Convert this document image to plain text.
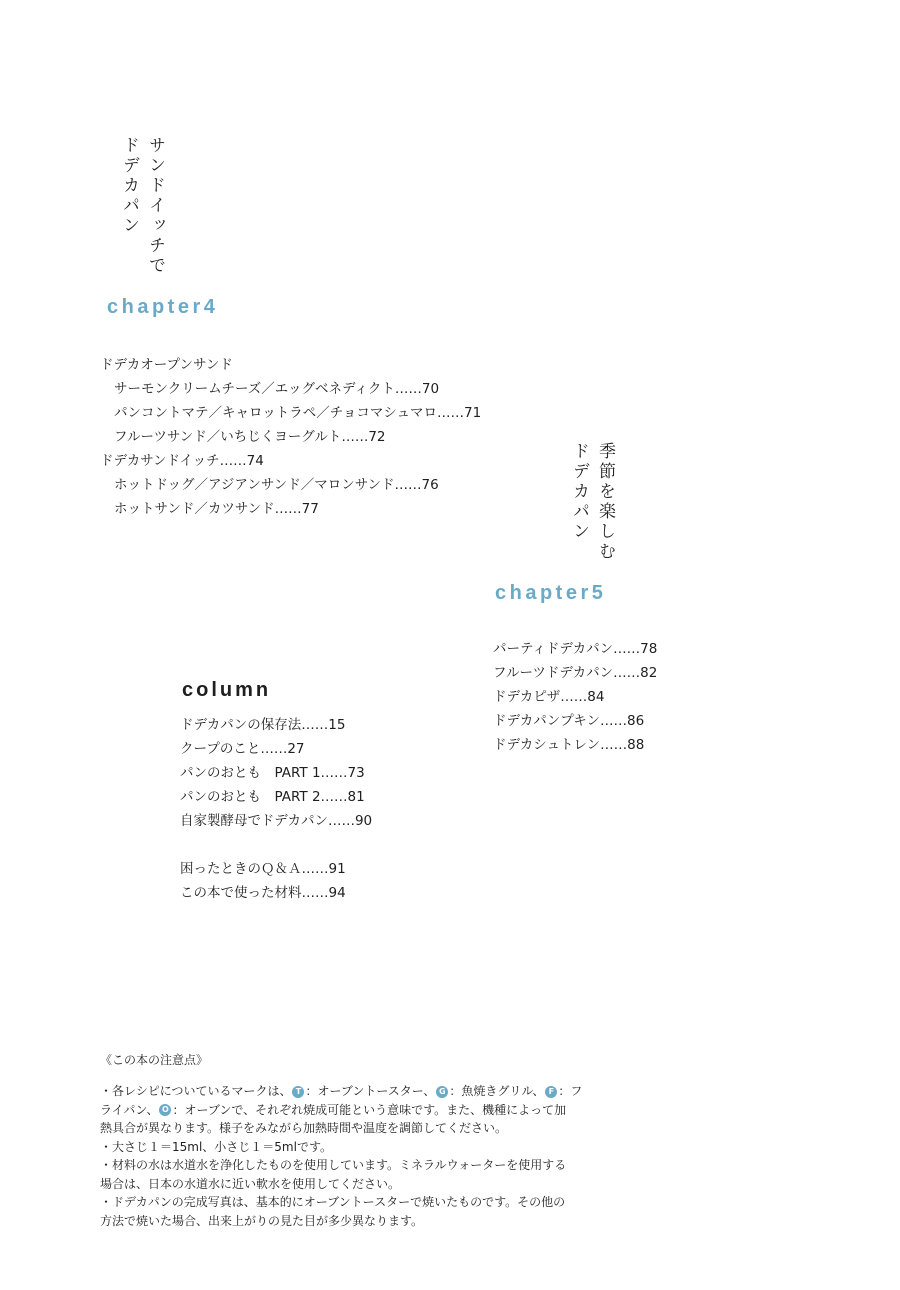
サンドイッチで
ドデカパン
chapter4
ドデカオープンサンド
サーモンクリームチーズ／エッグベネディクト……70
パンコントマテ／キャロットラペ／チョコマシュマロ……71
フルーツサンド／いちじくヨーグルト……72
ドデカサンドイッチ……74
ホットドッグ／アジアンサンド／マロンサンド……76
ホットサンド／カツサンド……77	季節を楽しむ
ドデカパン
chapter5
パーティドデカパン……78
フルーツドデカパン……82
ドデカピザ……84
ドデカパンプキン……86
ドデカシュトレン……88
column
ドデカパンの保存法……15
クープのこと……27
パンのおとも　PART 1……73
パンのおとも　PART 2……81
自家製酵母でドデカパン……90
困ったときのＱ＆Ａ……91
この本で使った材料……94
《この本の注意点》
・各レシピについているマークは、 T ：オーブントースター、 G ：魚焼きグリル、 F ：フ
ライパン、 O ：オーブンで、それぞれ焼成可能という意味です。また、機種によって加
熱具合が異なります。様子をみながら加熱時間や温度を調節してください。
・大さじ１＝15ml、小さじ１＝5mlです。
・材料の水は水道水を浄化したものを使用しています。ミネラルウォーターを使用する
場合は、日本の水道水に近い軟水を使用してください。
・ドデカパンの完成写真は、基本的にオーブントースターで焼いたものです。その他の
方法で焼いた場合、出来上がりの見た目が多少異なります。
